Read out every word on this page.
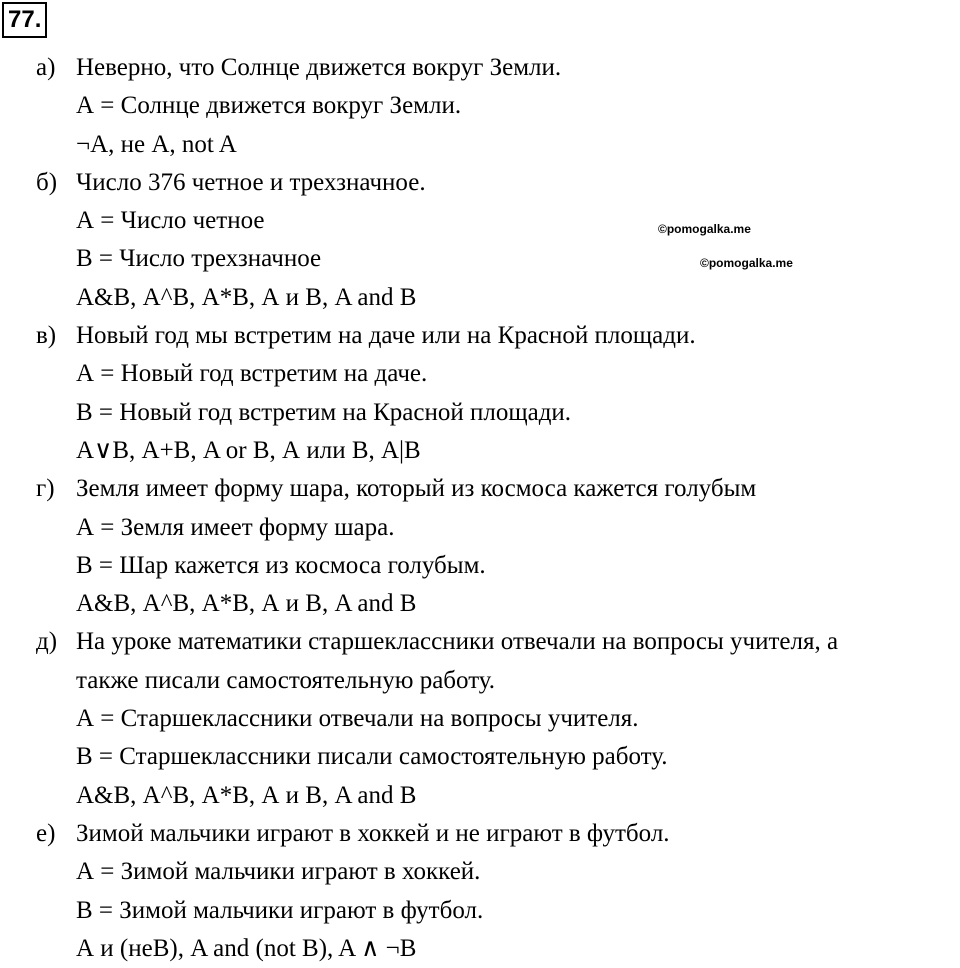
77.
©pomogalka.me
©pomogalka.me
а) Неверно, что Солнце движется вокруг Земли.
А = Солнце движется вокруг Земли.
¬А, не А, not A
б) Число 376 четное и трехзначное.
А = Число четное
В = Число трехзначное
А&В, А^В, А*В, А и В, A and B
в) Новый год мы встретим на даче или на Красной площади.
А = Новый год встретим на даче.
В = Новый год встретим на Красной площади.
А∨В, А+В, A or B, А или В, А|В
г) Земля имеет форму шара, который из космоса кажется голубым
А = Земля имеет форму шара.
В = Шар кажется из космоса голубым.
А&В, А^В, А*В, А и В, A and B
д) На уроке математики старшеклассники отвечали на вопросы учителя, а
также писали самостоятельную работу.
А = Старшеклассники отвечали на вопросы учителя.
В = Старшеклассники писали самостоятельную работу.
А&В, А^В, А*В, А и В, A and B
е) Зимой мальчики играют в хоккей и не играют в футбол.
А = Зимой мальчики играют в хоккей.
В = Зимой мальчики играют в футбол.
А и (неВ), A and (not B), A ∧ ¬B
